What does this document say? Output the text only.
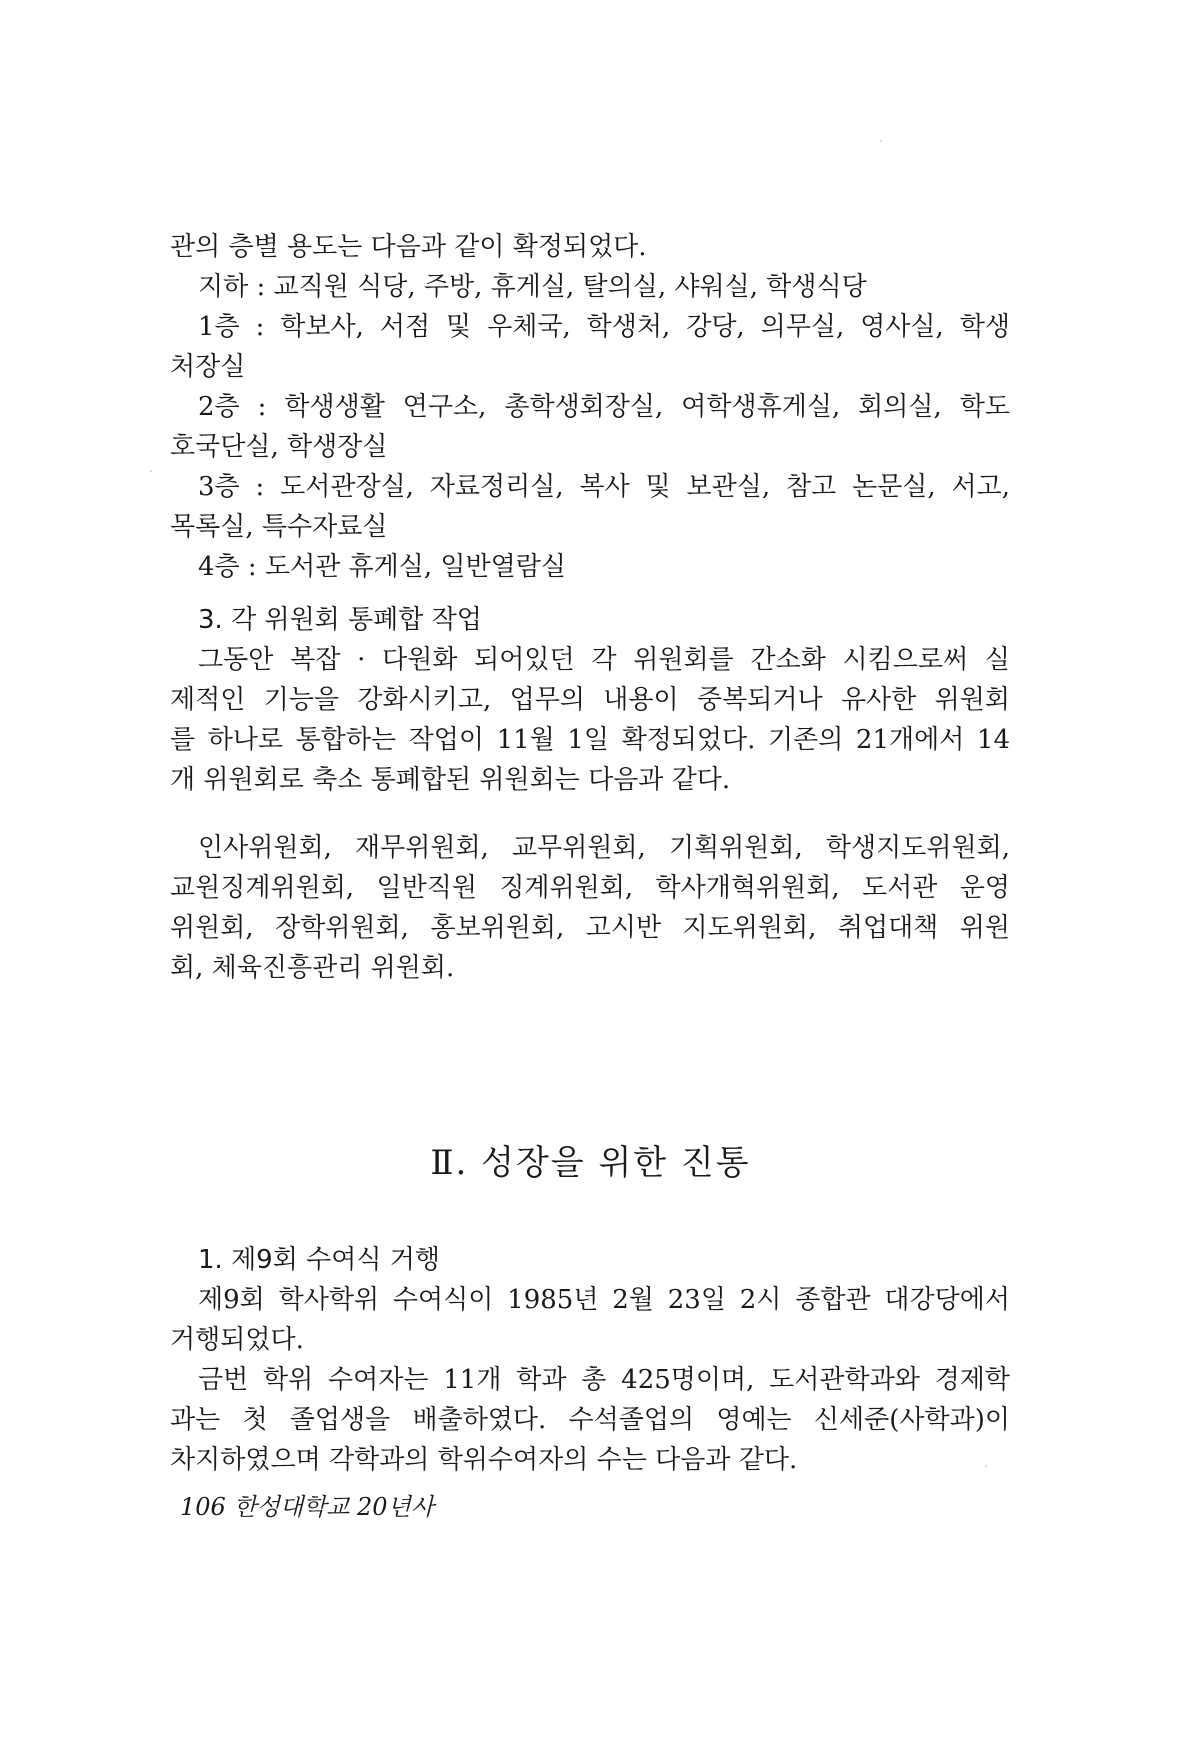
관의 층별 용도는 다음과 같이 확정되었다.
지하 : 교직원 식당, 주방, 휴게실, 탈의실, 샤워실, 학생식당
1층 : 학보사, 서점 및 우체국, 학생처, 강당, 의무실, 영사실, 학생
처장실
2층 : 학생생활 연구소, 총학생회장실, 여학생휴게실, 회의실, 학도
호국단실, 학생장실
3층 : 도서관장실, 자료정리실, 복사 및 보관실, 참고 논문실, 서고,
목록실, 특수자료실
4층 : 도서관 휴게실, 일반열람실
3. 각 위원회 통폐합 작업
그동안 복잡 · 다원화 되어있던 각 위원회를 간소화 시킴으로써 실
제적인 기능을 강화시키고, 업무의 내용이 중복되거나 유사한 위원회
를 하나로 통합하는 작업이 11월 1일 확정되었다. 기존의 21개에서 14
개 위원회로 축소 통폐합된 위원회는 다음과 같다.
인사위원회, 재무위원회, 교무위원회, 기획위원회, 학생지도위원회,
교원징계위원회, 일반직원 징계위원회, 학사개혁위원회, 도서관 운영
위원회, 장학위원회, 홍보위원회, 고시반 지도위원회, 취업대책 위원
회, 체육진흥관리 위원회.
Ⅱ. 성장을 위한 진통
1. 제9회 수여식 거행
제9회 학사학위 수여식이 1985년 2월 23일 2시 종합관 대강당에서
거행되었다.
금번 학위 수여자는 11개 학과 총 425명이며, 도서관학과와 경제학
과는 첫 졸업생을 배출하였다. 수석졸업의 영예는 신세준(사학과)이
차지하였으며 각학과의 학위수여자의 수는 다음과 같다.
106 한성대학교 20년사
